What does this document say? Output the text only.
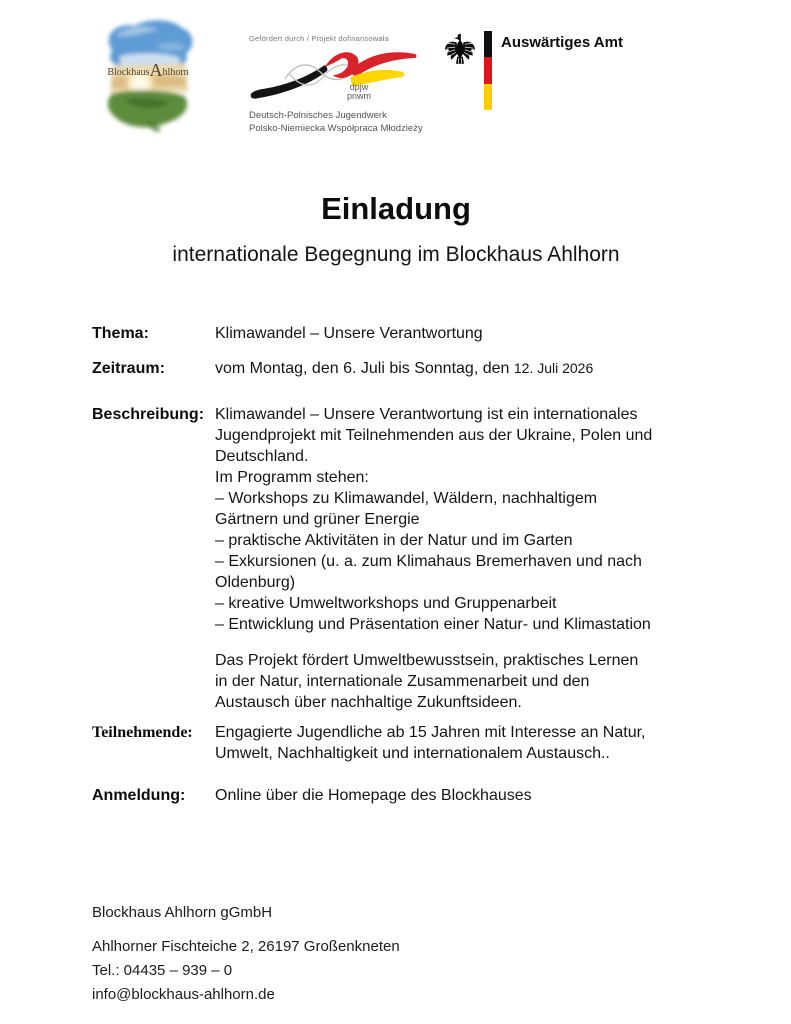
BlockhausAhlhorn
Gefördert durch / Projekt dofinansowała
dpjw
pnwm
Deutsch-Polnisches Jugendwerk
Polsko-Niemiecka Współpraca Młodzieży
Auswärtiges Amt
Einladung
internationale Begegnung im Blockhaus Ahlhorn
Thema:	Klimawandel – Unsere Verantwortung
Zeitraum:	vom Montag, den 6. Juli bis Sonntag, den 12. Juli 2026
Beschreibung: Klimawandel – Unsere Verantwortung ist ein internationales
Jugendprojekt mit Teilnehmenden aus der Ukraine, Polen und
Deutschland.
Im Programm stehen:
– Workshops zu Klimawandel, Wäldern, nachhaltigem
Gärtnern und grüner Energie
– praktische Aktivitäten in der Natur und im Garten
– Exkursionen (u. a. zum Klimahaus Bremerhaven und nach
Oldenburg)
– kreative Umweltworkshops und Gruppenarbeit
– Entwicklung und Präsentation einer Natur- und Klimastation
Das Projekt fördert Umweltbewusstsein, praktisches Lernen
in der Natur, internationale Zusammenarbeit und den
Austausch über nachhaltige Zukunftsideen.
Teilnehmende:	Engagierte Jugendliche ab 15 Jahren mit Interesse an Natur,
Umwelt, Nachhaltigkeit und internationalem Austausch..
Anmeldung:	Online über die Homepage des Blockhauses
Blockhaus Ahlhorn gGmbH
Ahlhorner Fischteiche 2, 26197 Großenkneten
Tel.: 04435 – 939 – 0
info@blockhaus-ahlhorn.de
